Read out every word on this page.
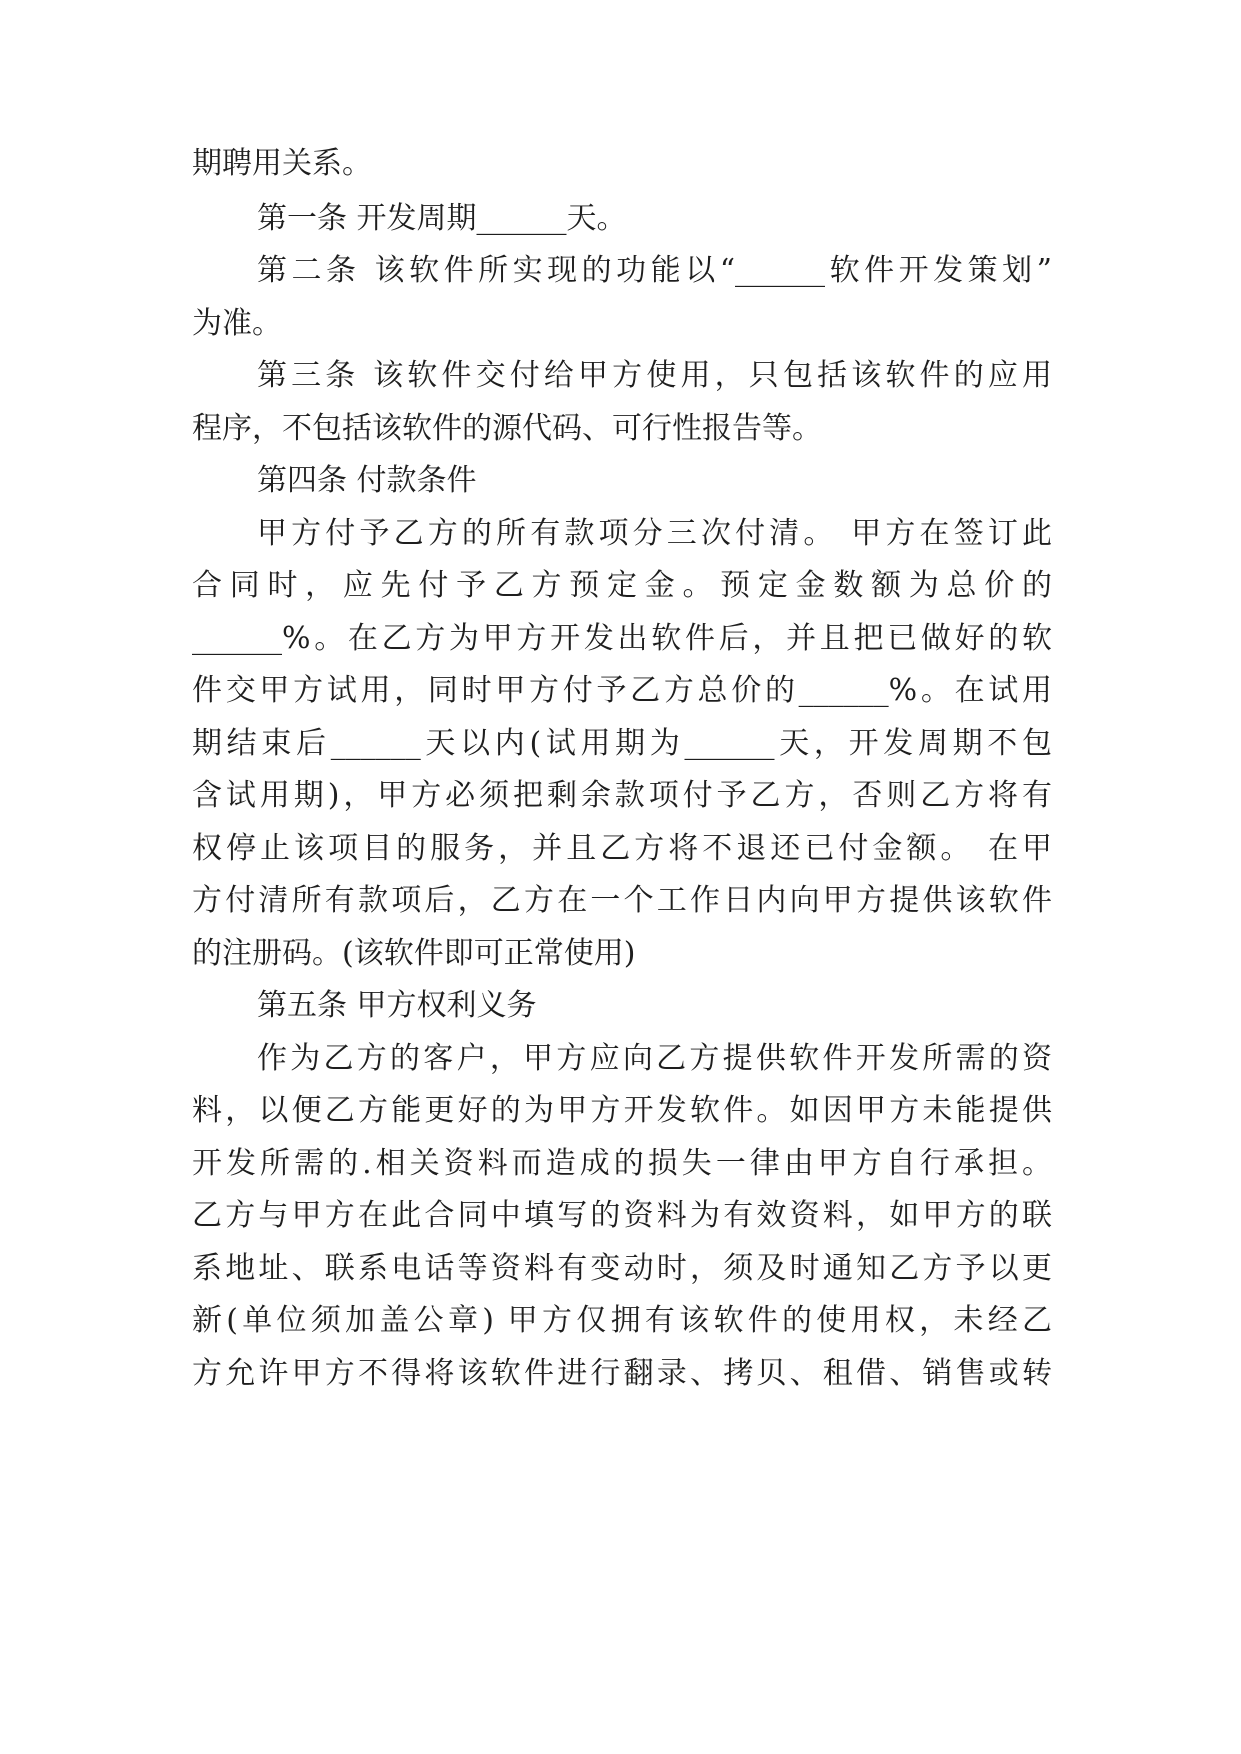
期聘用关系。
第一条 开发周期______天。
第二条 该软件所实现的功能以“______软件开发策划”
为准。
第三条 该软件交付给甲方使用，只包括该软件的应用
程序，不包括该软件的源代码、可行性报告等。
第四条 付款条件
甲方付予乙方的所有款项分三次付清。 甲方在签订此
合同时，应先付予乙方预定金。预定金数额为总价的
______%。在乙方为甲方开发出软件后，并且把已做好的软
件交甲方试用，同时甲方付予乙方总价的______%。在试用
期结束后______天以内(试用期为______天，开发周期不包
含试用期)，甲方必须把剩余款项付予乙方，否则乙方将有
权停止该项目的服务，并且乙方将不退还已付金额。 在甲
方付清所有款项后，乙方在一个工作日内向甲方提供该软件
的注册码。(该软件即可正常使用)
第五条 甲方权利义务
作为乙方的客户，甲方应向乙方提供软件开发所需的资
料，以便乙方能更好的为甲方开发软件。如因甲方未能提供
开发所需的.相关资料而造成的损失一律由甲方自行承担。
乙方与甲方在此合同中填写的资料为有效资料，如甲方的联
系地址、联系电话等资料有变动时，须及时通知乙方予以更
新(单位须加盖公章) 甲方仅拥有该软件的使用权，未经乙
方允许甲方不得将该软件进行翻录、拷贝、租借、销售或转
